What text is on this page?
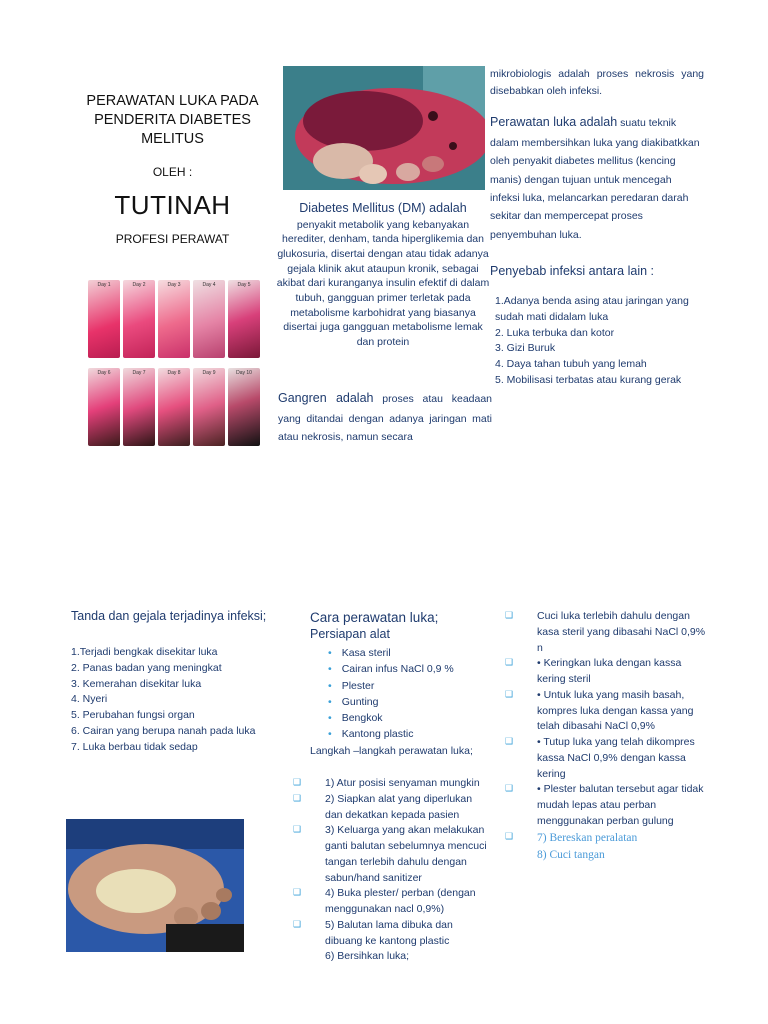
PERAWATAN LUKA PADA
PENDERITA DIABETES
MELITUS
OLEH :
TUTINAH
PROFESI PERAWAT
Day 1	Day 2	Day 3	Day 4	Day 5
Day 6	Day 7	Day 8	Day 9	Day 10
Diabetes Mellitus (DM) adalah
penyakit metabolik yang kebanyakan herediter, denham, tanda hiperglikemia dan glukosuria, disertai dengan atau tidak adanya gejala klinik akut ataupun kronik, sebagai akibat dari kuranganya insulin efektif di dalam tubuh, gangguan primer terletak pada metabolisme karbohidrat yang biasanya disertai juga gangguan metabolisme lemak dan protein
Gangren adalah proses atau keadaan yang ditandai dengan adanya jaringan mati atau nekrosis, namun secara
mikrobiologis adalah proses nekrosis yang disebabkan oleh infeksi.
Perawatan luka adalah suatu teknik dalam membersihkan luka yang diakibatkkan oleh penyakit diabetes mellitus (kencing manis) dengan tujuan untuk mencegah infeksi luka, melancarkan peredaran darah sekitar dan mempercepat proses penyembuhan luka.
Penyebab infeksi antara lain :
1.Adanya benda asing atau jaringan yang sudah mati didalam luka
2. Luka terbuka dan kotor
3. Gizi Buruk
4. Daya tahan tubuh yang lemah
5. Mobilisasi terbatas atau kurang gerak
Tanda dan gejala terjadinya infeksi;
1.Terjadi bengkak disekitar luka
2. Panas badan yang meningkat
3. Kemerahan disekitar luka
4. Nyeri
5. Perubahan fungsi organ
6. Cairan yang berupa nanah pada luka
7. Luka berbau tidak sedap
Cara perawatan luka;
Persiapan alat
• Kasa steril
• Cairan infus NaCl 0,9 %
• Plester
• Gunting
• Bengkok
• Kantong plastic
Langkah –langkah perawatan luka;
❑ 1) Atur posisi senyaman mungkin
❑ 2) Siapkan alat yang diperlukan dan dekatkan kepada pasien
❑ 3) Keluarga yang akan melakukan ganti balutan sebelumnya mencuci tangan terlebih dahulu dengan sabun/hand sanitizer
❑ 4) Buka plester/ perban (dengan menggunakan nacl 0,9%)
❑ 5) Balutan lama dibuka dan dibuang ke kantong plastic
6) Bersihkan luka;
❑ Cuci luka terlebih dahulu dengan kasa steril yang dibasahi NaCl 0,9% n
❑ • Keringkan luka dengan kassa kering steril
❑ • Untuk luka yang masih basah, kompres luka dengan kassa yang telah dibasahi NaCl 0,9%
❑ • Tutup luka yang telah dikompres kassa NaCl 0,9% dengan kassa kering
❑ • Plester balutan tersebut agar tidak mudah lepas atau perban menggunakan perban gulung
❑ 7) Bereskan peralatan
8) Cuci tangan
